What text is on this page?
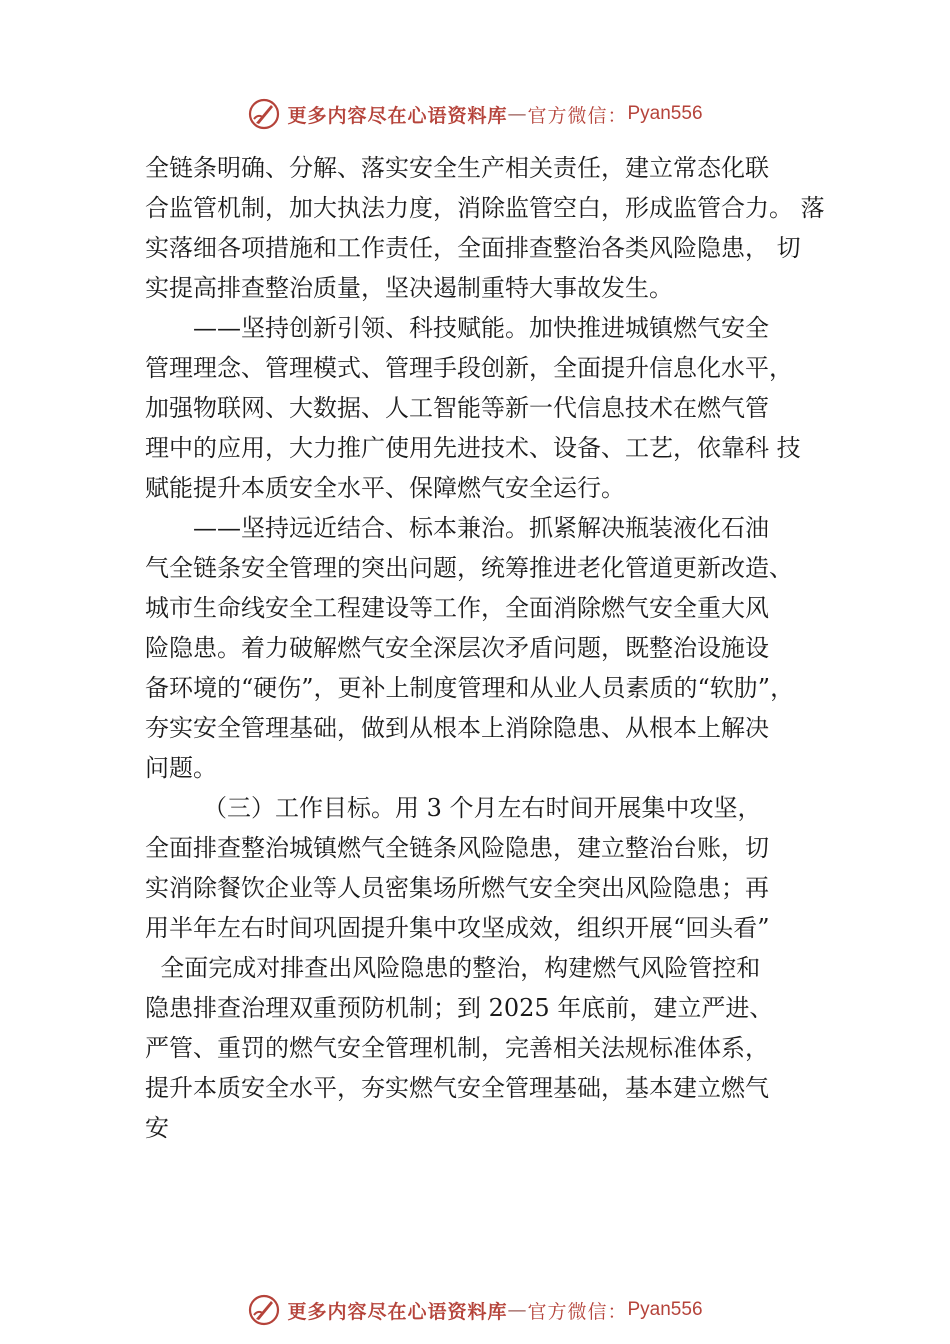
更多内容尽在心语资料库 — 官方微信： Pyan556
全链条明确、分解、落实安全生产相关责任，建立常态化联
合监管机制，加大执法力度，消除监管空白，形成监管合力。 落
实落细各项措施和工作责任，全面排查整治各类风险隐患， 切
实提高排查整治质量，坚决遏制重特大事故发生。
——坚持创新引领、科技赋能。加快推进城镇燃气安全
管理理念、管理模式、管理手段创新，全面提升信息化水平，
加强物联网、大数据、人工智能等新一代信息技术在燃气管
理中的应用，大力推广使用先进技术、设备、工艺，依靠科 技
赋能提升本质安全水平、保障燃气安全运行。
——坚持远近结合、标本兼治。抓紧解决瓶装液化石油
气全链条安全管理的突出问题，统筹推进老化管道更新改造、
城市生命线安全工程建设等工作，全面消除燃气安全重大风
险隐患。着力破解燃气安全深层次矛盾问题，既整治设施设
备环境的“硬伤”，更补上制度管理和从业人员素质的“软肋”，
夯实安全管理基础，做到从根本上消除隐患、从根本上解决
问题。
（三）工作目标。用 3 个月左右时间开展集中攻坚，
全面排查整治城镇燃气全链条风险隐患，建立整治台账，切
实消除餐饮企业等人员密集场所燃气安全突出风险隐患；再
用半年左右时间巩固提升集中攻坚成效，组织开展“回头看”
全面完成对排查出风险隐患的整治，构建燃气风险管控和
隐患排查治理双重预防机制；到 2025 年底前，建立严进、
严管、重罚的燃气安全管理机制，完善相关法规标准体系，
提升本质安全水平，夯实燃气安全管理基础，基本建立燃气
安
更多内容尽在心语资料库 — 官方微信： Pyan556
